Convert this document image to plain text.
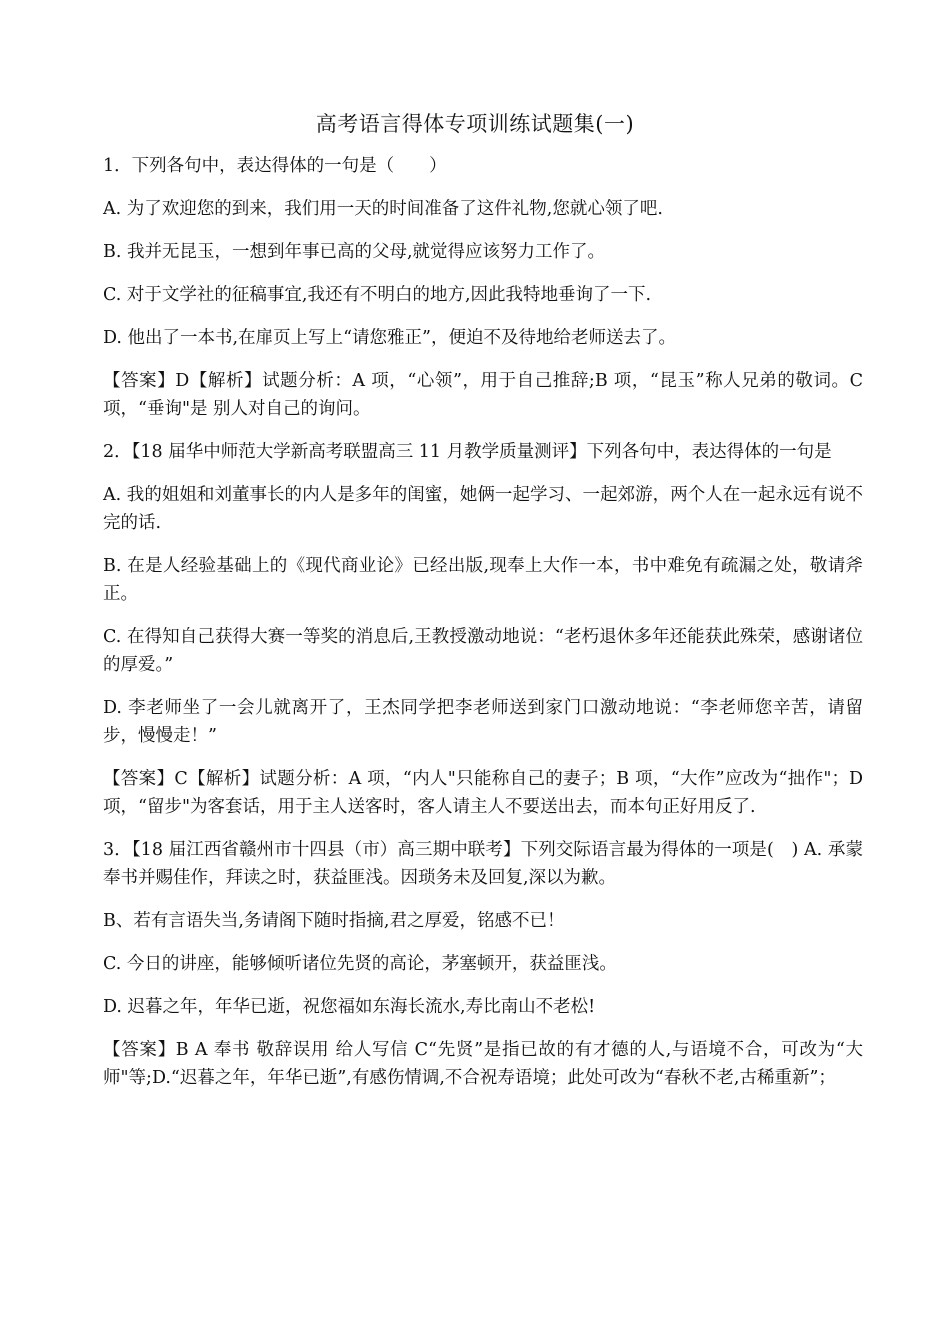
高考语言得体专项训练试题集(一)

1．下列各句中，表达得体的一句是（　　）

A. 为了欢迎您的到来，我们用一天的时间准备了这件礼物,您就心领了吧.

B. 我并无昆玉，一想到年事已高的父母,就觉得应该努力工作了。

C. 对于文学社的征稿事宜,我还有不明白的地方,因此我特地垂询了一下.

D. 他出了一本书,在扉页上写上“请您雅正”，便迫不及待地给老师送去了。

【答案】D【解析】试题分析：A 项，“心领”，用于自己推辞;B 项，“昆玉”称人兄弟的敬词。C 项，“垂询"是 别人对自己的询问。

2．【18 届华中师范大学新高考联盟高三 11 月教学质量测评】下列各句中，表达得体的一句是

A. 我的姐姐和刘董事长的内人是多年的闺蜜，她俩一起学习、一起郊游，两个人在一起永远有说不完的话.

B. 在是人经验基础上的《现代商业论》已经出版,现奉上大作一本，书中难免有疏漏之处，敬请斧正。

C. 在得知自己获得大赛一等奖的消息后,王教授激动地说：“老朽退休多年还能获此殊荣，感谢诸位的厚爱。”

D. 李老师坐了一会儿就离开了，王杰同学把李老师送到家门口激动地说：“李老师您辛苦，请留步，慢慢走！”

【答案】C【解析】试题分析：A 项，“内人"只能称自己的妻子；B 项，“大作”应改为“拙作"；D 项，“留步"为客套话，用于主人送客时，客人请主人不要送出去，而本句正好用反了.

3．【18 届江西省赣州市十四县（市）高三期中联考】下列交际语言最为得体的一项是(　) A. 承蒙奉书并赐佳作，拜读之时，获益匪浅。因琐务未及回复,深以为歉。

B、若有言语失当,务请阁下随时指摘,君之厚爱，铭感不已！

C. 今日的讲座，能够倾听诸位先贤的高论，茅塞顿开，获益匪浅。

D. 迟暮之年，年华已逝，祝您福如东海长流水,寿比南山不老松!

【答案】B A 奉书 敬辞误用 给人写信 C“先贤”是指已故的有才德的人,与语境不合，可改为“大师"等;D.“迟暮之年，年华已逝”,有感伤情调,不合祝寿语境；此处可改为“春秋不老,古稀重新”；
